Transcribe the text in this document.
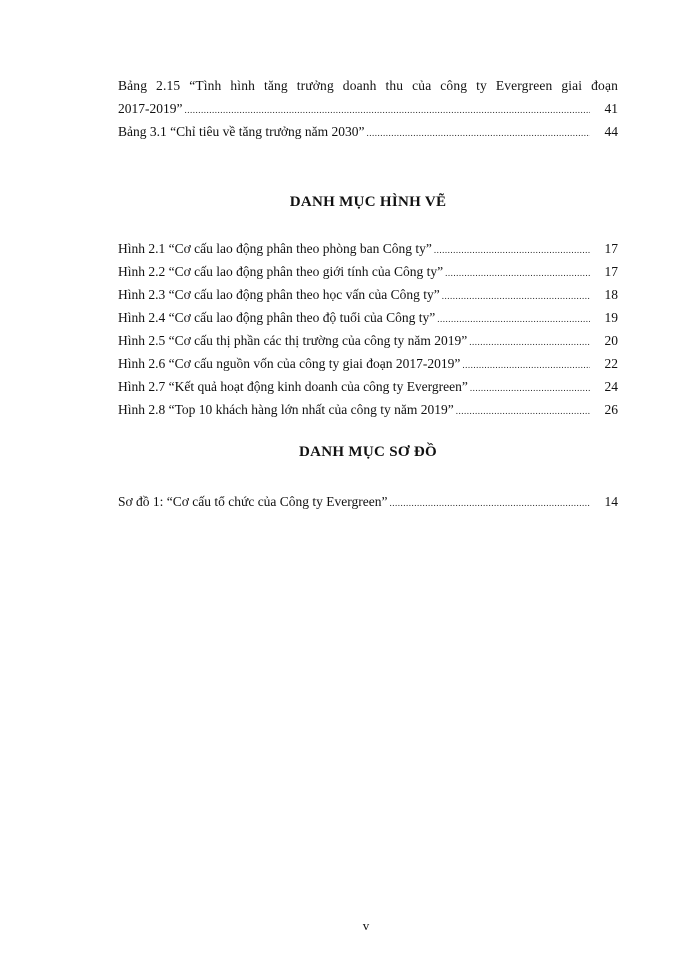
Bảng 2.15 “Tình hình tăng trưởng doanh thu của công ty Evergreen giai đoạn
2017-2019” .....	41
Bảng 3.1 “Chỉ tiêu về tăng trưởng năm 2030” .....	44
DANH MỤC HÌNH VẼ
Hình 2.1 “Cơ cấu lao động phân theo phòng ban Công ty” .....	17
Hình 2.2 “Cơ cấu lao động phân theo giới tính của Công ty” .....	17
Hình 2.3 “Cơ cấu lao động phân theo học vấn của Công ty” .....	18
Hình 2.4 “Cơ cấu lao động phân theo độ tuổi của Công ty” .....	19
Hình 2.5 “Cơ cấu thị phần các thị trường của công ty năm 2019” .....	20
Hình 2.6 “Cơ cấu nguồn vốn của công ty giai đoạn 2017-2019” .....	22
Hình 2.7 “Kết quả hoạt động kinh doanh của công ty Evergreen” .....	24
Hình 2.8 “Top 10 khách hàng lớn nhất của công ty năm 2019” .....	26
DANH MỤC SƠ ĐỒ
Sơ đồ 1: “Cơ cấu tổ chức của Công ty Evergreen” .....	14
v
